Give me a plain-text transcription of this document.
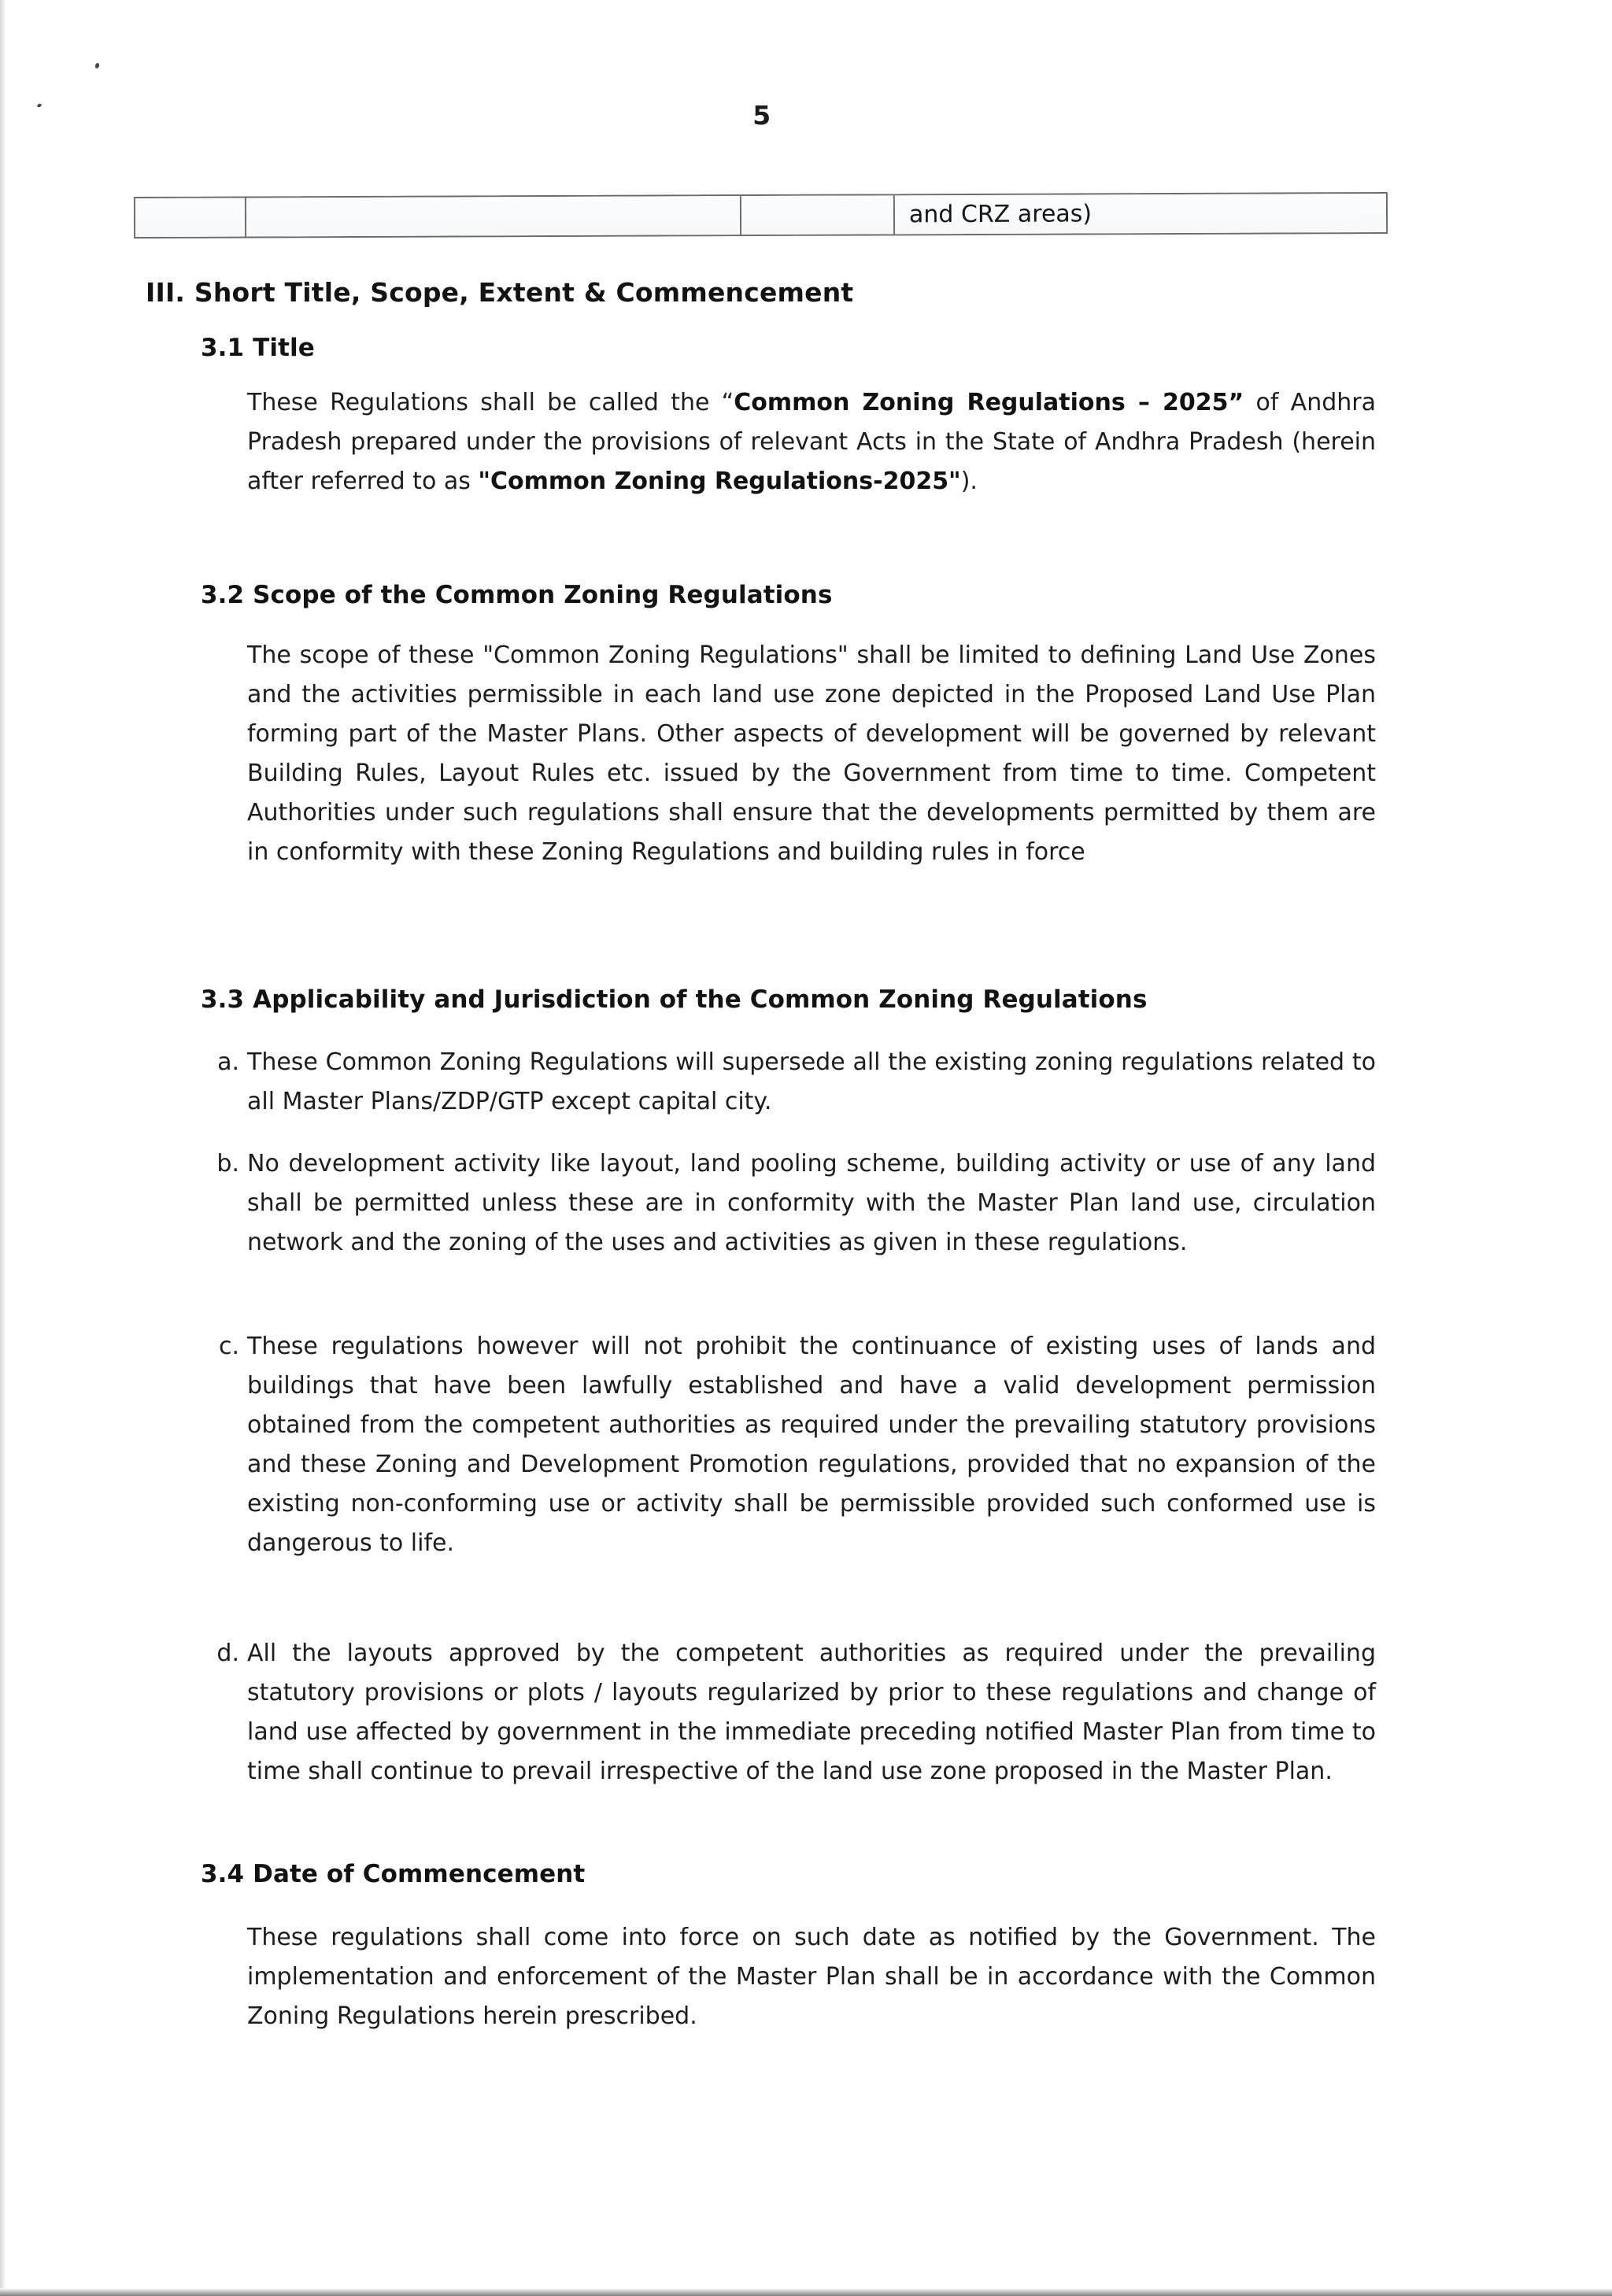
5
and CRZ areas)
III. Short Title, Scope, Extent & Commencement
3.1 Title
These Regulations shall be called the “Common Zoning Regulations – 2025” of Andhra Pradesh prepared under the provisions of relevant Acts in the State of Andhra Pradesh (herein after referred to as "Common Zoning Regulations-2025").
3.2 Scope of the Common Zoning Regulations
The scope of these "Common Zoning Regulations" shall be limited to defining Land Use Zones and the activities permissible in each land use zone depicted in the Proposed Land Use Plan forming part of the Master Plans. Other aspects of development will be governed by relevant Building Rules, Layout Rules etc. issued by the Government from time to time. Competent Authorities under such regulations shall ensure that the developments permitted by them are in conformity with these Zoning Regulations and building rules in force
3.3 Applicability and Jurisdiction of the Common Zoning Regulations
a. These Common Zoning Regulations will supersede all the existing zoning regulations related to all Master Plans/ZDP/GTP except capital city.
b. No development activity like layout, land pooling scheme, building activity or use of any land shall be permitted unless these are in conformity with the Master Plan land use, circulation network and the zoning of the uses and activities as given in these regulations.
c. These regulations however will not prohibit the continuance of existing uses of lands and buildings that have been lawfully established and have a valid development permission obtained from the competent authorities as required under the prevailing statutory provisions and these Zoning and Development Promotion regulations, provided that no expansion of the existing non-conforming use or activity shall be permissible provided such conformed use is dangerous to life.
d. All the layouts approved by the competent authorities as required under the prevailing statutory provisions or plots / layouts regularized by prior to these regulations and change of land use affected by government in the immediate preceding notified Master Plan from time to time shall continue to prevail irrespective of the land use zone proposed in the Master Plan.
3.4 Date of Commencement
These regulations shall come into force on such date as notified by the Government. The implementation and enforcement of the Master Plan shall be in accordance with the Common Zoning Regulations herein prescribed.
